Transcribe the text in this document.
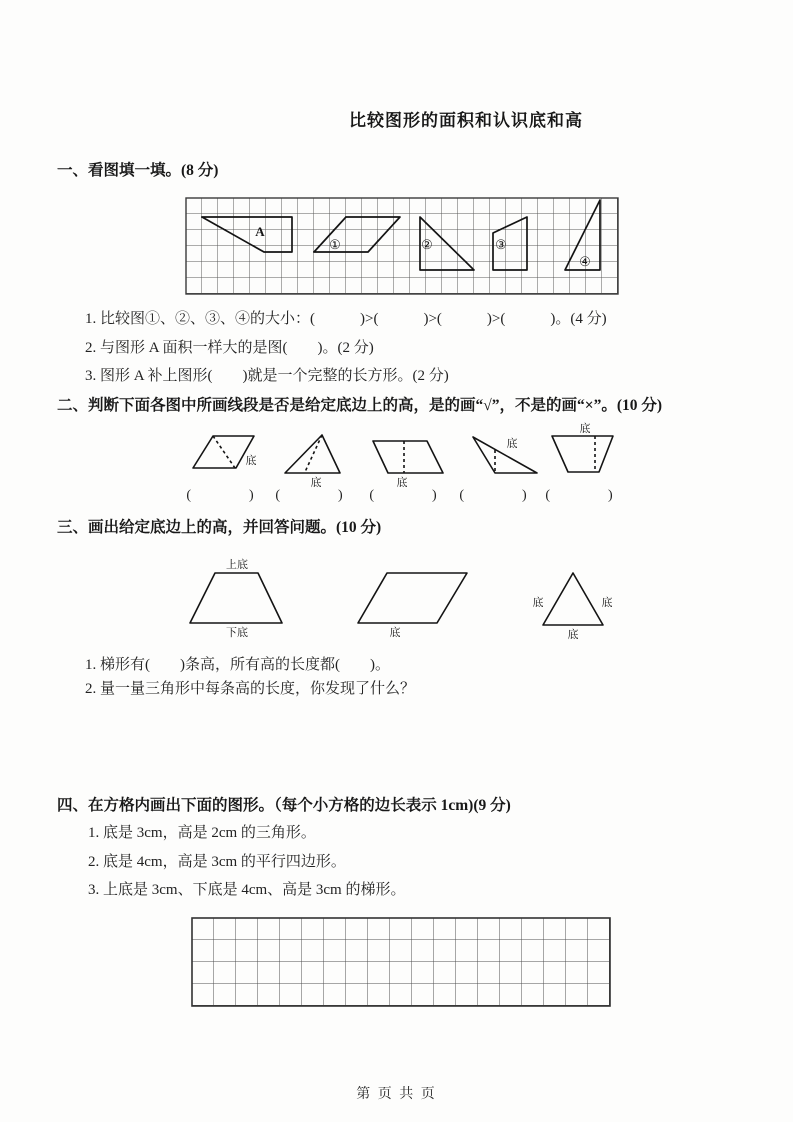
比较图形的面积和认识底和高
一、看图填一填。(8 分)
A
①	②	③
④
1. 比较图①、②、③、④的大小：(　　　)>(　　　)>(　　　)>(　　　)。(4 分)
2. 与图形 A 面积一样大的是图(　　)。(2 分)
3. 图形 A 补上图形(　　)就是一个完整的长方形。(2 分)
二、判断下面各图中所画线段是否是给定底边上的高，是的画“√”，不是的画“×”。(10 分)
底
底	底
底
底
(　　　)	(　　　)	(　　　)	(　　　)	(　　　)
三、画出给定底边上的高，并回答问题。(10 分)
上底
下底	底
底	底
底
1. 梯形有(　　)条高，所有高的长度都(　　)。
2. 量一量三角形中每条高的长度，你发现了什么？
四、在方格内画出下面的图形。（每个小方格的边长表示 1cm)(9 分)
1. 底是 3cm，高是 2cm 的三角形。
2. 底是 4cm，高是 3cm 的平行四边形。
3. 上底是 3cm、下底是 4cm、高是 3cm 的梯形。
第 页 共 页
